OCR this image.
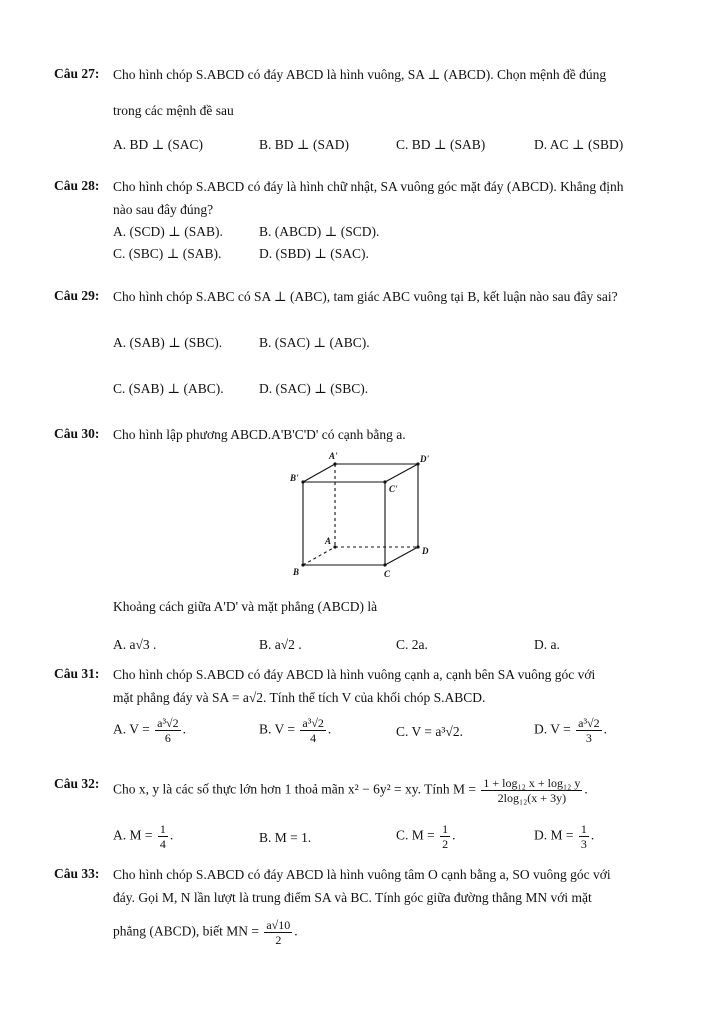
Câu 27: Cho hình chóp S.ABCD có đáy ABCD là hình vuông, SA ⊥ (ABCD). Chọn mệnh đề đúng
trong các mệnh đề sau
A. BD ⊥ (SAC)	B. BD ⊥ (SAD)	C. BD ⊥ (SAB)	D. AC ⊥ (SBD)
Câu 28: Cho hình chóp S.ABCD có đáy là hình chữ nhật, SA vuông góc mặt đáy (ABCD). Khẳng định
nào sau đây đúng?
A. (SCD) ⊥ (SAB).	B. (ABCD) ⊥ (SCD).
C. (SBC) ⊥ (SAB).	D. (SBD) ⊥ (SAC).
Câu 29: Cho hình chóp S.ABC có SA ⊥ (ABC), tam giác ABC vuông tại B, kết luận nào sau đây sai?
A. (SAB) ⊥ (SBC).	B. (SAC) ⊥ (ABC).
C. (SAB) ⊥ (ABC).	D. (SAC) ⊥ (SBC).
Câu 30: Cho hình lập phương ABCD.A'B'C'D' có cạnh bằng a.
A'	D'
B'
C'
A
D
B	C
Khoảng cách giữa A'D' và mặt phẳng (ABCD) là
A. a√3 .	B. a√2 .	C. 2a.	D. a.
Câu 31: Cho hình chóp S.ABCD có đáy ABCD là hình vuông cạnh a, cạnh bên SA vuông góc với
mặt phẳng đáy và SA = a√2. Tính thể tích V của khối chóp S.ABCD.
A. $V = \frac{\text{a³√2}}{6}$ .	B. $V = \frac{\text{a³√2}}{4}$ .	C. V = a³√2.	D. $V = \frac{\text{a³√2}}{3}$ .
Câu 32: Cho x, y là các số thực lớn hơn 1 thoả mãn x² − 6y² = xy. Tính $M = \frac{\text{1 + log₁₂ x + log₁₂ y}}{\text{2log₁₂(x + 3y)}}$ .
A. $M = \frac{1}{4}$ .	B. M = 1.	C. $M = \frac{1}{2}$ .	D. $M = \frac{1}{3}$ .
Câu 33: Cho hình chóp S.ABCD có đáy ABCD là hình vuông tâm O cạnh bằng a, SO vuông góc với
đáy. Gọi M, N lần lượt là trung điểm SA và BC. Tính góc giữa đường thẳng MN với mặt
phẳng (ABCD), biết MN = $\frac{a√10}{2}$ .
